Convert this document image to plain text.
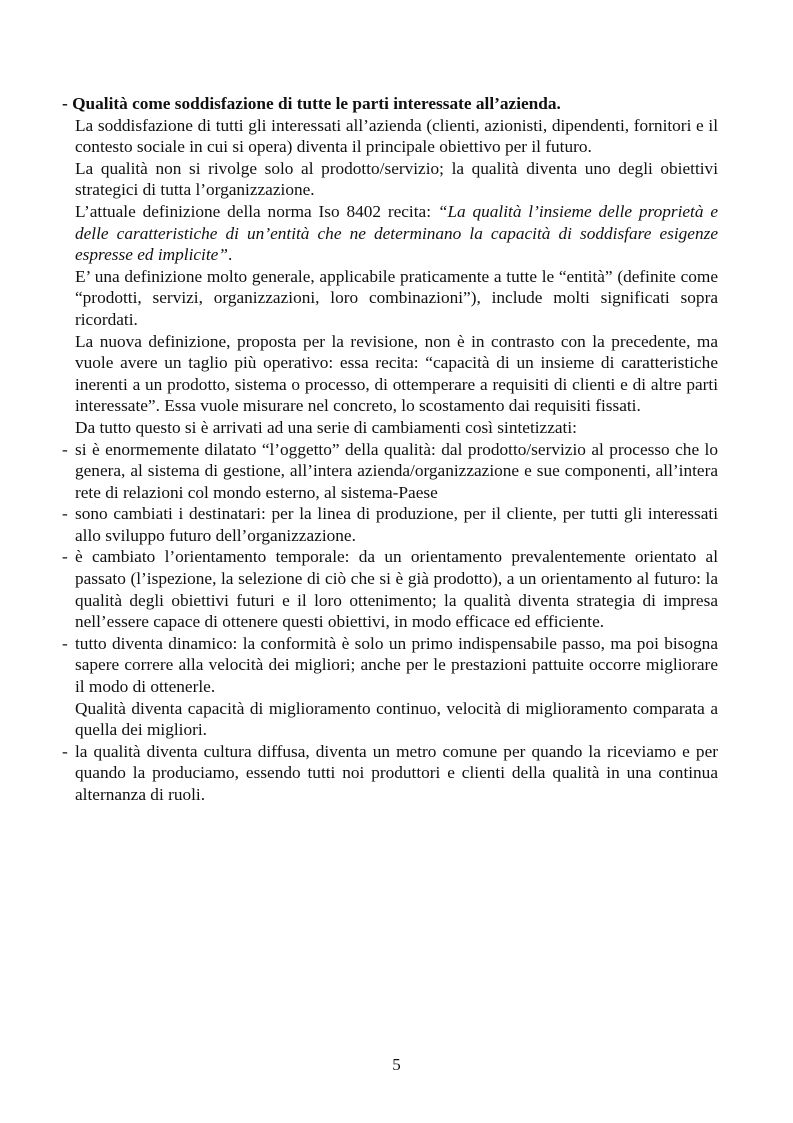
- Qualità come soddisfazione di tutte le parti interessate all’azienda.

La soddisfazione di tutti gli interessati all’azienda (clienti, azionisti, dipendenti, fornitori e il contesto sociale in cui si opera) diventa il principale obiettivo per il futuro.

La qualità non si rivolge solo al prodotto/servizio; la qualità diventa uno degli obiettivi strategici di tutta l’organizzazione.

L’attuale definizione della norma Iso 8402 recita: “La qualità l’insieme delle proprietà e delle caratteristiche di un’entità che ne determinano la capacità di soddisfare esigenze espresse ed implicite”.

E’ una definizione molto generale, applicabile praticamente a tutte le “entità” (definite come “prodotti, servizi, organizzazioni, loro combinazioni”), include molti significati sopra ricordati.

La nuova definizione, proposta per la revisione, non è in contrasto con la precedente, ma vuole avere un taglio più operativo: essa recita: “capacità di un insieme di caratteristiche inerenti a un prodotto, sistema o processo, di ottemperare a requisiti di clienti e di altre parti interessate”. Essa vuole misurare nel concreto, lo scostamento dai requisiti fissati.

Da tutto questo si è arrivati ad una serie di cambiamenti così sintetizzati:

- si è enormemente dilatato “l’oggetto” della qualità: dal prodotto/servizio al processo che lo genera, al sistema di gestione, all’intera azienda/organizzazione e sue componenti, all’intera rete di relazioni col mondo esterno, al sistema-Paese

- sono cambiati i destinatari: per la linea di produzione, per il cliente, per tutti gli interessati allo sviluppo futuro dell’organizzazione.

- è cambiato l’orientamento temporale: da un orientamento prevalentemente orientato al passato (l’ispezione, la selezione di ciò che si è già prodotto), a un orientamento al futuro: la qualità degli obiettivi futuri e il loro ottenimento; la qualità diventa strategia di impresa nell’essere capace di ottenere questi obiettivi, in modo efficace ed efficiente.

- tutto diventa dinamico: la conformità è solo un primo indispensabile passo, ma poi bisogna sapere correre alla velocità dei migliori; anche per le prestazioni pattuite occorre migliorare il modo di ottenerle.

Qualità diventa capacità di miglioramento continuo, velocità di miglioramento comparata a quella dei migliori.

- la qualità diventa cultura diffusa, diventa un metro comune per quando la riceviamo e per quando la produciamo, essendo tutti noi produttori e clienti della qualità in una continua alternanza di ruoli.

5
